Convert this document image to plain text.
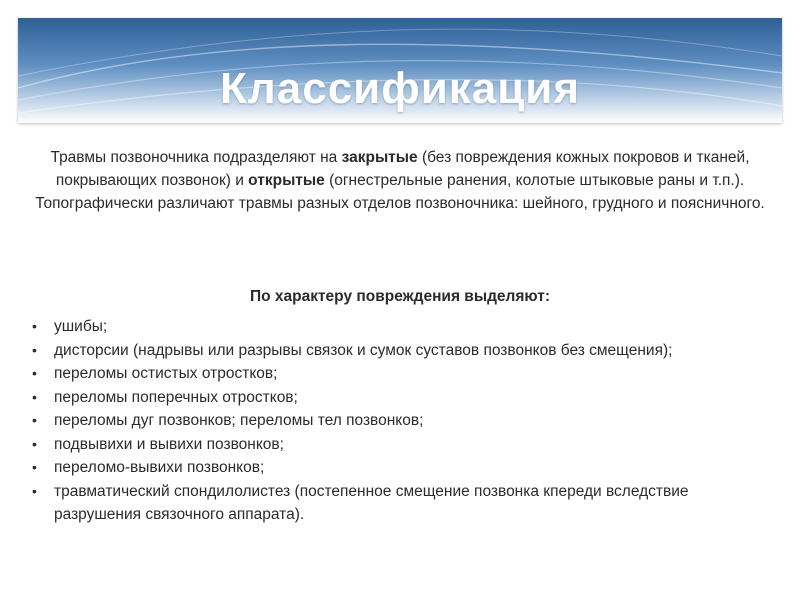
Классификация
Травмы позвоночника подразделяют на закрытые (без повреждения кожных покровов и тканей, покрывающих позвонок) и открытые (огнестрельные ранения, колотые штыковые раны и т.п.).
Топографически различают травмы разных отделов позвоночника: шейного, грудного и поясничного.
По характеру повреждения выделяют:
• ушибы;
• дисторсии (надрывы или разрывы связок и сумок суставов позвонков без смещения);
• переломы остистых отростков;
• переломы поперечных отростков;
• переломы дуг позвонков; переломы тел позвонков;
• подвывихи и вывихи позвонков;
• переломо-вывихи позвонков;
• травматический спондилолистез (постепенное смещение позвонка кпереди вследствие разрушения связочного аппарата).
